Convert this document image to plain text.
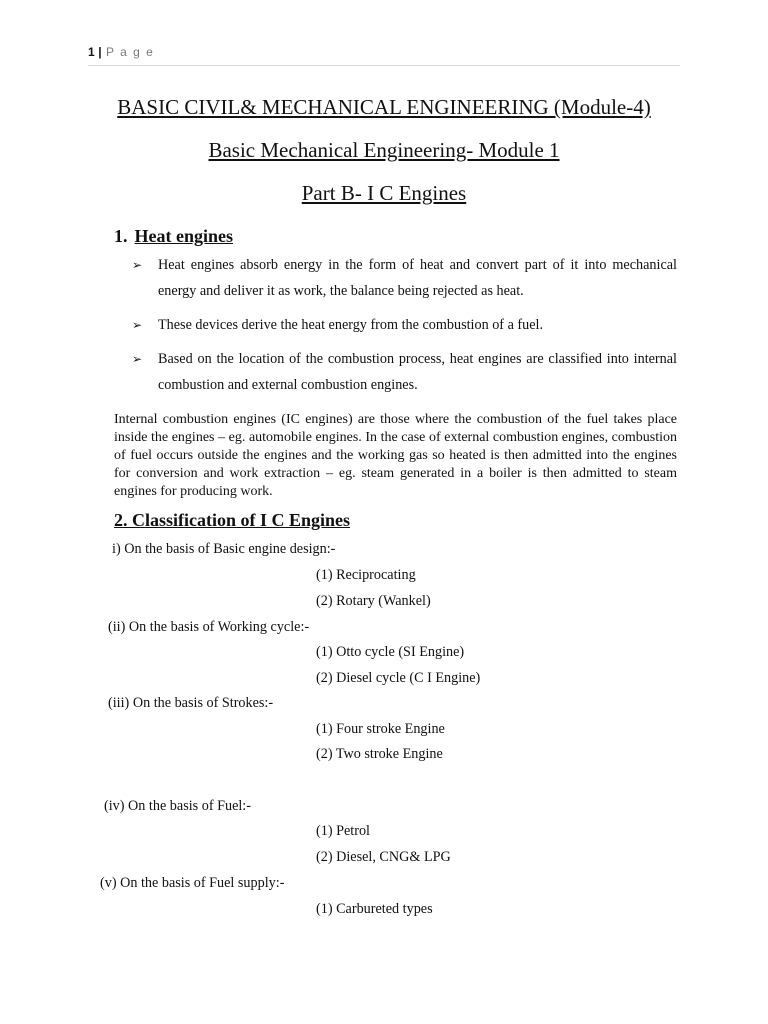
1 | P a g e
BASIC CIVIL& MECHANICAL ENGINEERING (Module-4)
Basic Mechanical Engineering- Module 1
Part B- I C Engines
1. Heat engines
➢ Heat engines absorb energy in the form of heat and convert part of it into mechanical energy and deliver it as work, the balance being rejected as heat.
➢ These devices derive the heat energy from the combustion of a fuel.
➢ Based on the location of the combustion process, heat engines are classified into internal combustion and external combustion engines.
Internal combustion engines (IC engines) are those where the combustion of the fuel takes place inside the engines – eg. automobile engines. In the case of external combustion engines, combustion of fuel occurs outside the engines and the working gas so heated is then admitted into the engines for conversion and work extraction – eg. steam generated in a boiler is then admitted to steam engines for producing work.
2. Classification of I C Engines
i) On the basis of Basic engine design:-
(1) Reciprocating
(2) Rotary (Wankel)
(ii) On the basis of Working cycle:-
(1) Otto cycle (SI Engine)
(2) Diesel cycle (C I Engine)
(iii) On the basis of Strokes:-
(1) Four stroke Engine
(2) Two stroke Engine
(iv) On the basis of Fuel:-
(1) Petrol
(2) Diesel, CNG& LPG
(v) On the basis of Fuel supply:-
(1) Carbureted types
